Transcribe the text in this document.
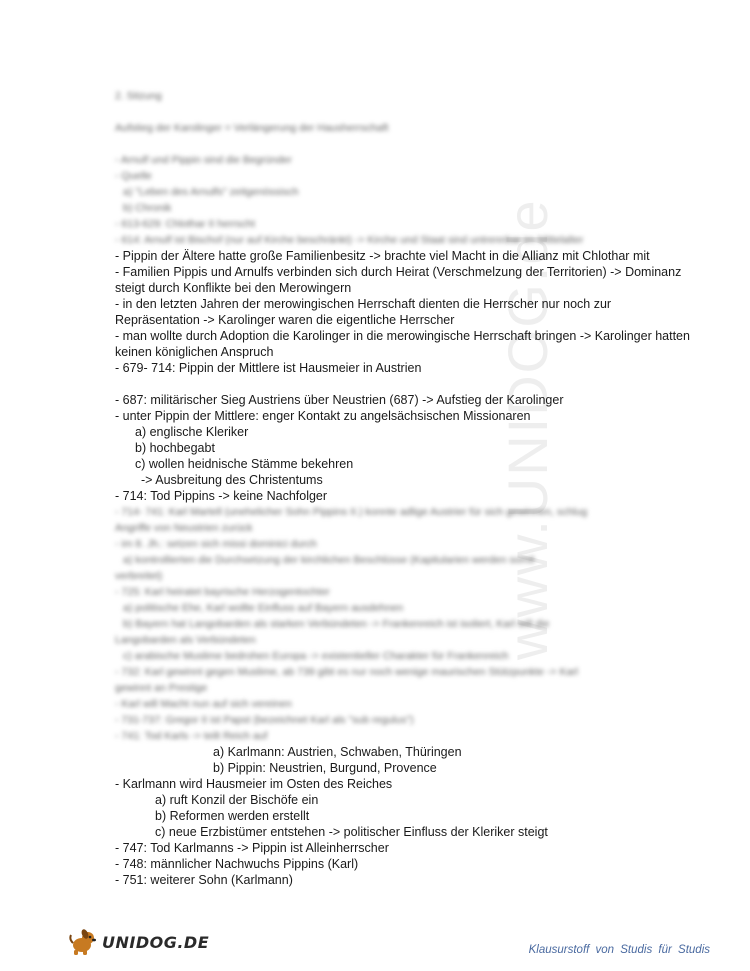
www.UNIDOG.de
2. Sitzung
Aufstieg der Karolinger = Verlängerung der Hausherrschaft
- Arnulf und Pippin sind die Begründer
- Quelle
a) "Leben des Arnulfs" zeitgenössisch
b) Chronik
- 613-629: Chlothar II herrscht
- 614: Arnulf ist Bischof (nur auf Kirche beschränkt) -> Kirche und Staat sind untrennbar im Mittelalter
- Pippin der Ältere hatte große Familienbesitz -> brachte viel Macht in die Allianz mit Chlothar mit
- Familien Pippis und Arnulfs verbinden sich durch Heirat (Verschmelzung der Territorien) -> Dominanz
steigt durch Konflikte bei den Merowingern
- in den letzten Jahren der merowingischen Herrschaft dienten die Herrscher nur noch zur
Repräsentation -> Karolinger waren die eigentliche Herrscher
- man wollte durch Adoption die Karolinger in die merowingische Herrschaft bringen -> Karolinger hatten
keinen königlichen Anspruch
- 679- 714: Pippin der Mittlere ist Hausmeier in Austrien
- 687: militärischer Sieg Austriens über Neustrien (687) -> Aufstieg der Karolinger
- unter Pippin der Mittlere: enger Kontakt zu angelsächsischen Missionaren
a) englische Kleriker
b) hochbegabt
c) wollen heidnische Stämme bekehren
-> Ausbreitung des Christentums
- 714: Tod Pippins -> keine Nachfolger
- 714- 741: Karl Martell (unehelicher Sohn Pippins II.) konnte adlige Austrier für sich gewinnen, schlug
Angriffe von Neustrien zurück
- im 8. Jh.: setzen sich missi dominici durch
a) kontrollierten die Durchsetzung der kirchlichen Beschlüsse (Kapitularien werden somit
verbreitet)
- 725: Karl heiratet bayrische Herzogentochter
a) politische Ehe, Karl wollte Einfluss auf Bayern ausdehnen
b) Bayern hat Langobarden als starken Verbündeten -> Frankenreich ist isoliert, Karl will die
Langobarden als Verbündeten
c) arabische Muslime bedrohen Europa -> existentieller Charakter für Frankenreich
- 732: Karl gewinnt gegen Muslime, ab 739 gibt es nur noch wenige maurischen Stützpunkte -> Karl
gewinnt an Prestige
- Karl will Macht nun auf sich vereinen
- 731-737: Gregor II ist Papst (bezeichnet Karl als "sub regulus")
- 741: Tod Karls -> teilt Reich auf
a) Karlmann: Austrien, Schwaben, Thüringen
b) Pippin: Neustrien, Burgund, Provence
- Karlmann wird Hausmeier im Osten des Reiches
a) ruft Konzil der Bischöfe ein
b) Reformen werden erstellt
c) neue Erzbistümer entstehen -> politischer Einfluss der Kleriker steigt
- 747: Tod Karlmanns -> Pippin ist Alleinherrscher
- 748: männlicher Nachwuchs Pippins (Karl)
- 751: weiterer Sohn (Karlmann)
UNIDOG.DE	Klausurstoff von Studis für Studis
